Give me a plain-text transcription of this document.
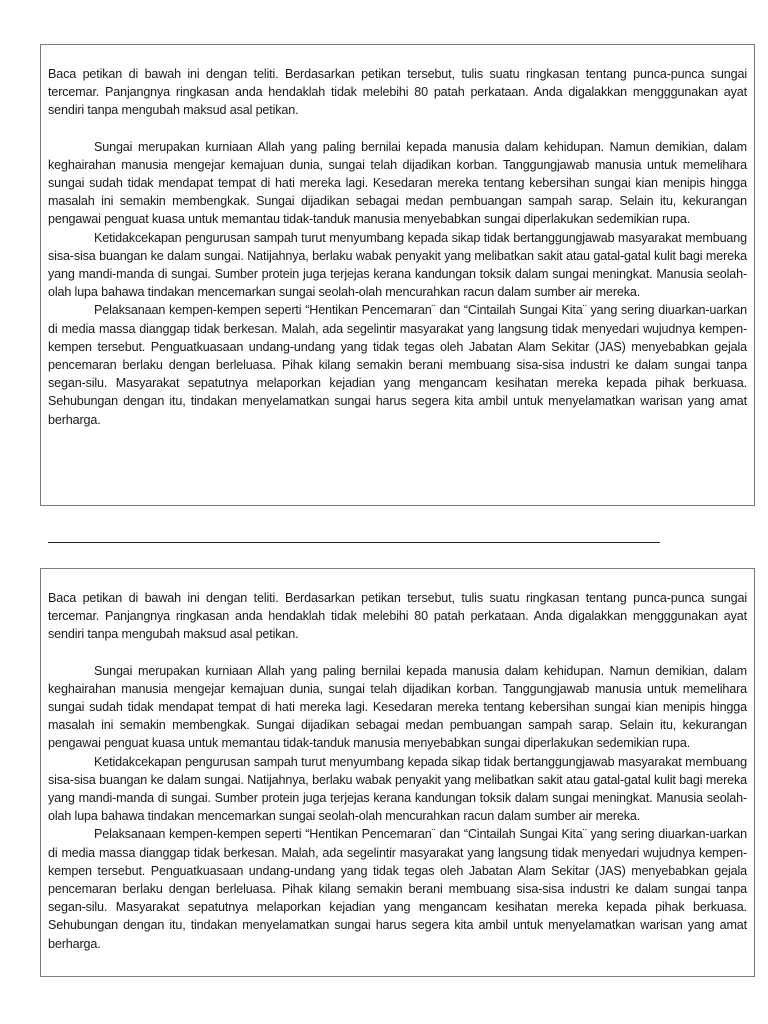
Baca petikan di bawah ini dengan teliti. Berdasarkan petikan tersebut, tulis suatu ringkasan tentang punca-punca sungai tercemar. Panjangnya ringkasan anda hendaklah tidak melebihi 80 patah perkataan. Anda digalakkan mengggunakan ayat sendiri tanpa mengubah maksud asal petikan.

Sungai merupakan kurniaan Allah yang paling bernilai kepada manusia dalam kehidupan. Namun demikian, dalam keghairahan manusia mengejar kemajuan dunia, sungai telah dijadikan korban. Tanggungjawab manusia untuk memelihara sungai sudah tidak mendapat tempat di hati mereka lagi. Kesedaran mereka tentang kebersihan sungai kian menipis hingga masalah ini semakin membengkak. Sungai dijadikan sebagai medan pembuangan sampah sarap. Selain itu, kekurangan pengawai penguat kuasa untuk memantau tidak-tanduk manusia menyebabkan sungai diperlakukan sedemikian rupa.

Ketidakcekapan pengurusan sampah turut menyumbang kepada sikap tidak bertanggungjawab masyarakat membuang sisa-sisa buangan ke dalam sungai. Natijahnya, berlaku wabak penyakit yang melibatkan sakit atau gatal-gatal kulit bagi mereka yang mandi-manda di sungai. Sumber protein juga terjejas kerana kandungan toksik dalam sungai meningkat. Manusia seolah-olah lupa bahawa tindakan mencemarkan sungai seolah-olah mencurahkan racun dalam sumber air mereka.

Pelaksanaan kempen-kempen seperti “Hentikan Pencemaran¨ dan “Cintailah Sungai Kita¨ yang sering diuarkan-uarkan di media massa dianggap tidak berkesan. Malah, ada segelintir masyarakat yang langsung tidak menyedari wujudnya kempen-kempen tersebut. Penguatkuasaan undang-undang yang tidak tegas oleh Jabatan Alam Sekitar (JAS) menyebabkan gejala pencemaran berlaku dengan berleluasa. Pihak kilang semakin berani membuang sisa-sisa industri ke dalam sungai tanpa segan-silu. Masyarakat sepatutnya melaporkan kejadian yang mengancam kesihatan mereka kepada pihak berkuasa. Sehubungan dengan itu, tindakan menyelamatkan sungai harus segera kita ambil untuk menyelamatkan warisan yang amat berharga.

Baca petikan di bawah ini dengan teliti. Berdasarkan petikan tersebut, tulis suatu ringkasan tentang punca-punca sungai tercemar. Panjangnya ringkasan anda hendaklah tidak melebihi 80 patah perkataan. Anda digalakkan mengggunakan ayat sendiri tanpa mengubah maksud asal petikan.

Sungai merupakan kurniaan Allah yang paling bernilai kepada manusia dalam kehidupan. Namun demikian, dalam keghairahan manusia mengejar kemajuan dunia, sungai telah dijadikan korban. Tanggungjawab manusia untuk memelihara sungai sudah tidak mendapat tempat di hati mereka lagi. Kesedaran mereka tentang kebersihan sungai kian menipis hingga masalah ini semakin membengkak. Sungai dijadikan sebagai medan pembuangan sampah sarap. Selain itu, kekurangan pengawai penguat kuasa untuk memantau tidak-tanduk manusia menyebabkan sungai diperlakukan sedemikian rupa.

Ketidakcekapan pengurusan sampah turut menyumbang kepada sikap tidak bertanggungjawab masyarakat membuang sisa-sisa buangan ke dalam sungai. Natijahnya, berlaku wabak penyakit yang melibatkan sakit atau gatal-gatal kulit bagi mereka yang mandi-manda di sungai. Sumber protein juga terjejas kerana kandungan toksik dalam sungai meningkat. Manusia seolah-olah lupa bahawa tindakan mencemarkan sungai seolah-olah mencurahkan racun dalam sumber air mereka.

Pelaksanaan kempen-kempen seperti “Hentikan Pencemaran¨ dan “Cintailah Sungai Kita¨ yang sering diuarkan-uarkan di media massa dianggap tidak berkesan. Malah, ada segelintir masyarakat yang langsung tidak menyedari wujudnya kempen-kempen tersebut. Penguatkuasaan undang-undang yang tidak tegas oleh Jabatan Alam Sekitar (JAS) menyebabkan gejala pencemaran berlaku dengan berleluasa. Pihak kilang semakin berani membuang sisa-sisa industri ke dalam sungai tanpa segan-silu. Masyarakat sepatutnya melaporkan kejadian yang mengancam kesihatan mereka kepada pihak berkuasa. Sehubungan dengan itu, tindakan menyelamatkan sungai harus segera kita ambil untuk menyelamatkan warisan yang amat berharga.
